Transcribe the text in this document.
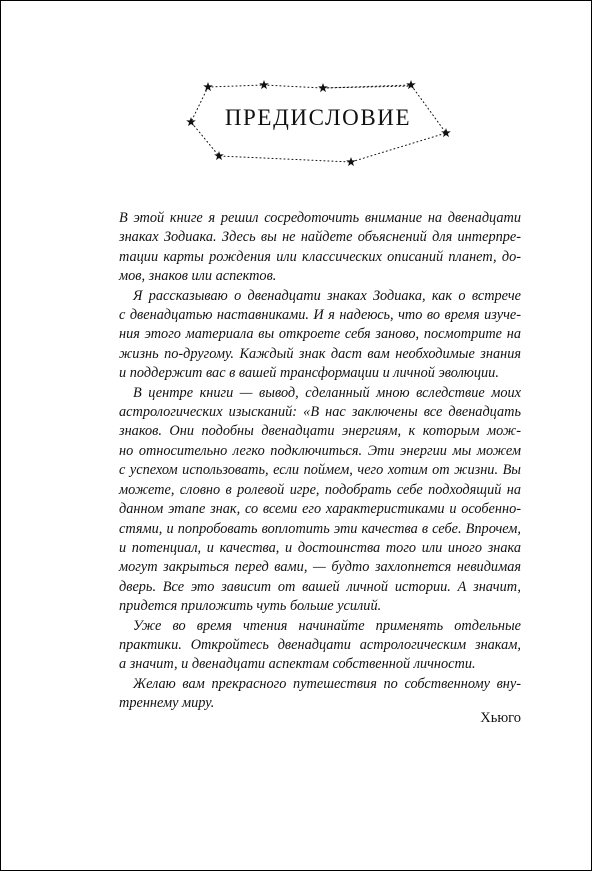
ПРЕДИСЛОВИЕ

В этой книге я решил сосредоточить внимание на двенадцати
знаках Зодиака. Здесь вы не найдете объяснений для интерпре-
тации карты рождения или классических описаний планет, до-
мов, знаков или аспектов.

Я рассказываю о двенадцати знаках Зодиака, как о встрече
с двенадцатью наставниками. И я надеюсь, что во время изуче-
ния этого материала вы откроете себя заново, посмотрите на
жизнь по-другому. Каждый знак даст вам необходимые знания
и поддержит вас в вашей трансформации и личной эволюции.

В центре книги — вывод, сделанный мною вследствие моих
астрологических изысканий: «В нас заключены все двенадцать
знаков. Они подобны двенадцати энергиям, к которым мож-
но относительно легко подключиться. Эти энергии мы можем
с успехом использовать, если поймем, чего хотим от жизни. Вы
можете, словно в ролевой игре, подобрать себе подходящий на
данном этапе знак, со всеми его характеристиками и особенно-
стями, и попробовать воплотить эти качества в себе. Впрочем,
и потенциал, и качества, и достоинства того или иного знака
могут закрыться перед вами, — будто захлопнется невидимая
дверь. Все это зависит от вашей личной истории. А значит,
придется приложить чуть больше усилий.

Уже во время чтения начинайте применять отдельные
практики. Откройтесь двенадцати астрологическим знакам,
а значит, и двенадцати аспектам собственной личности.

Желаю вам прекрасного путешествия по собственному вну-
треннему миру.

Хьюго
